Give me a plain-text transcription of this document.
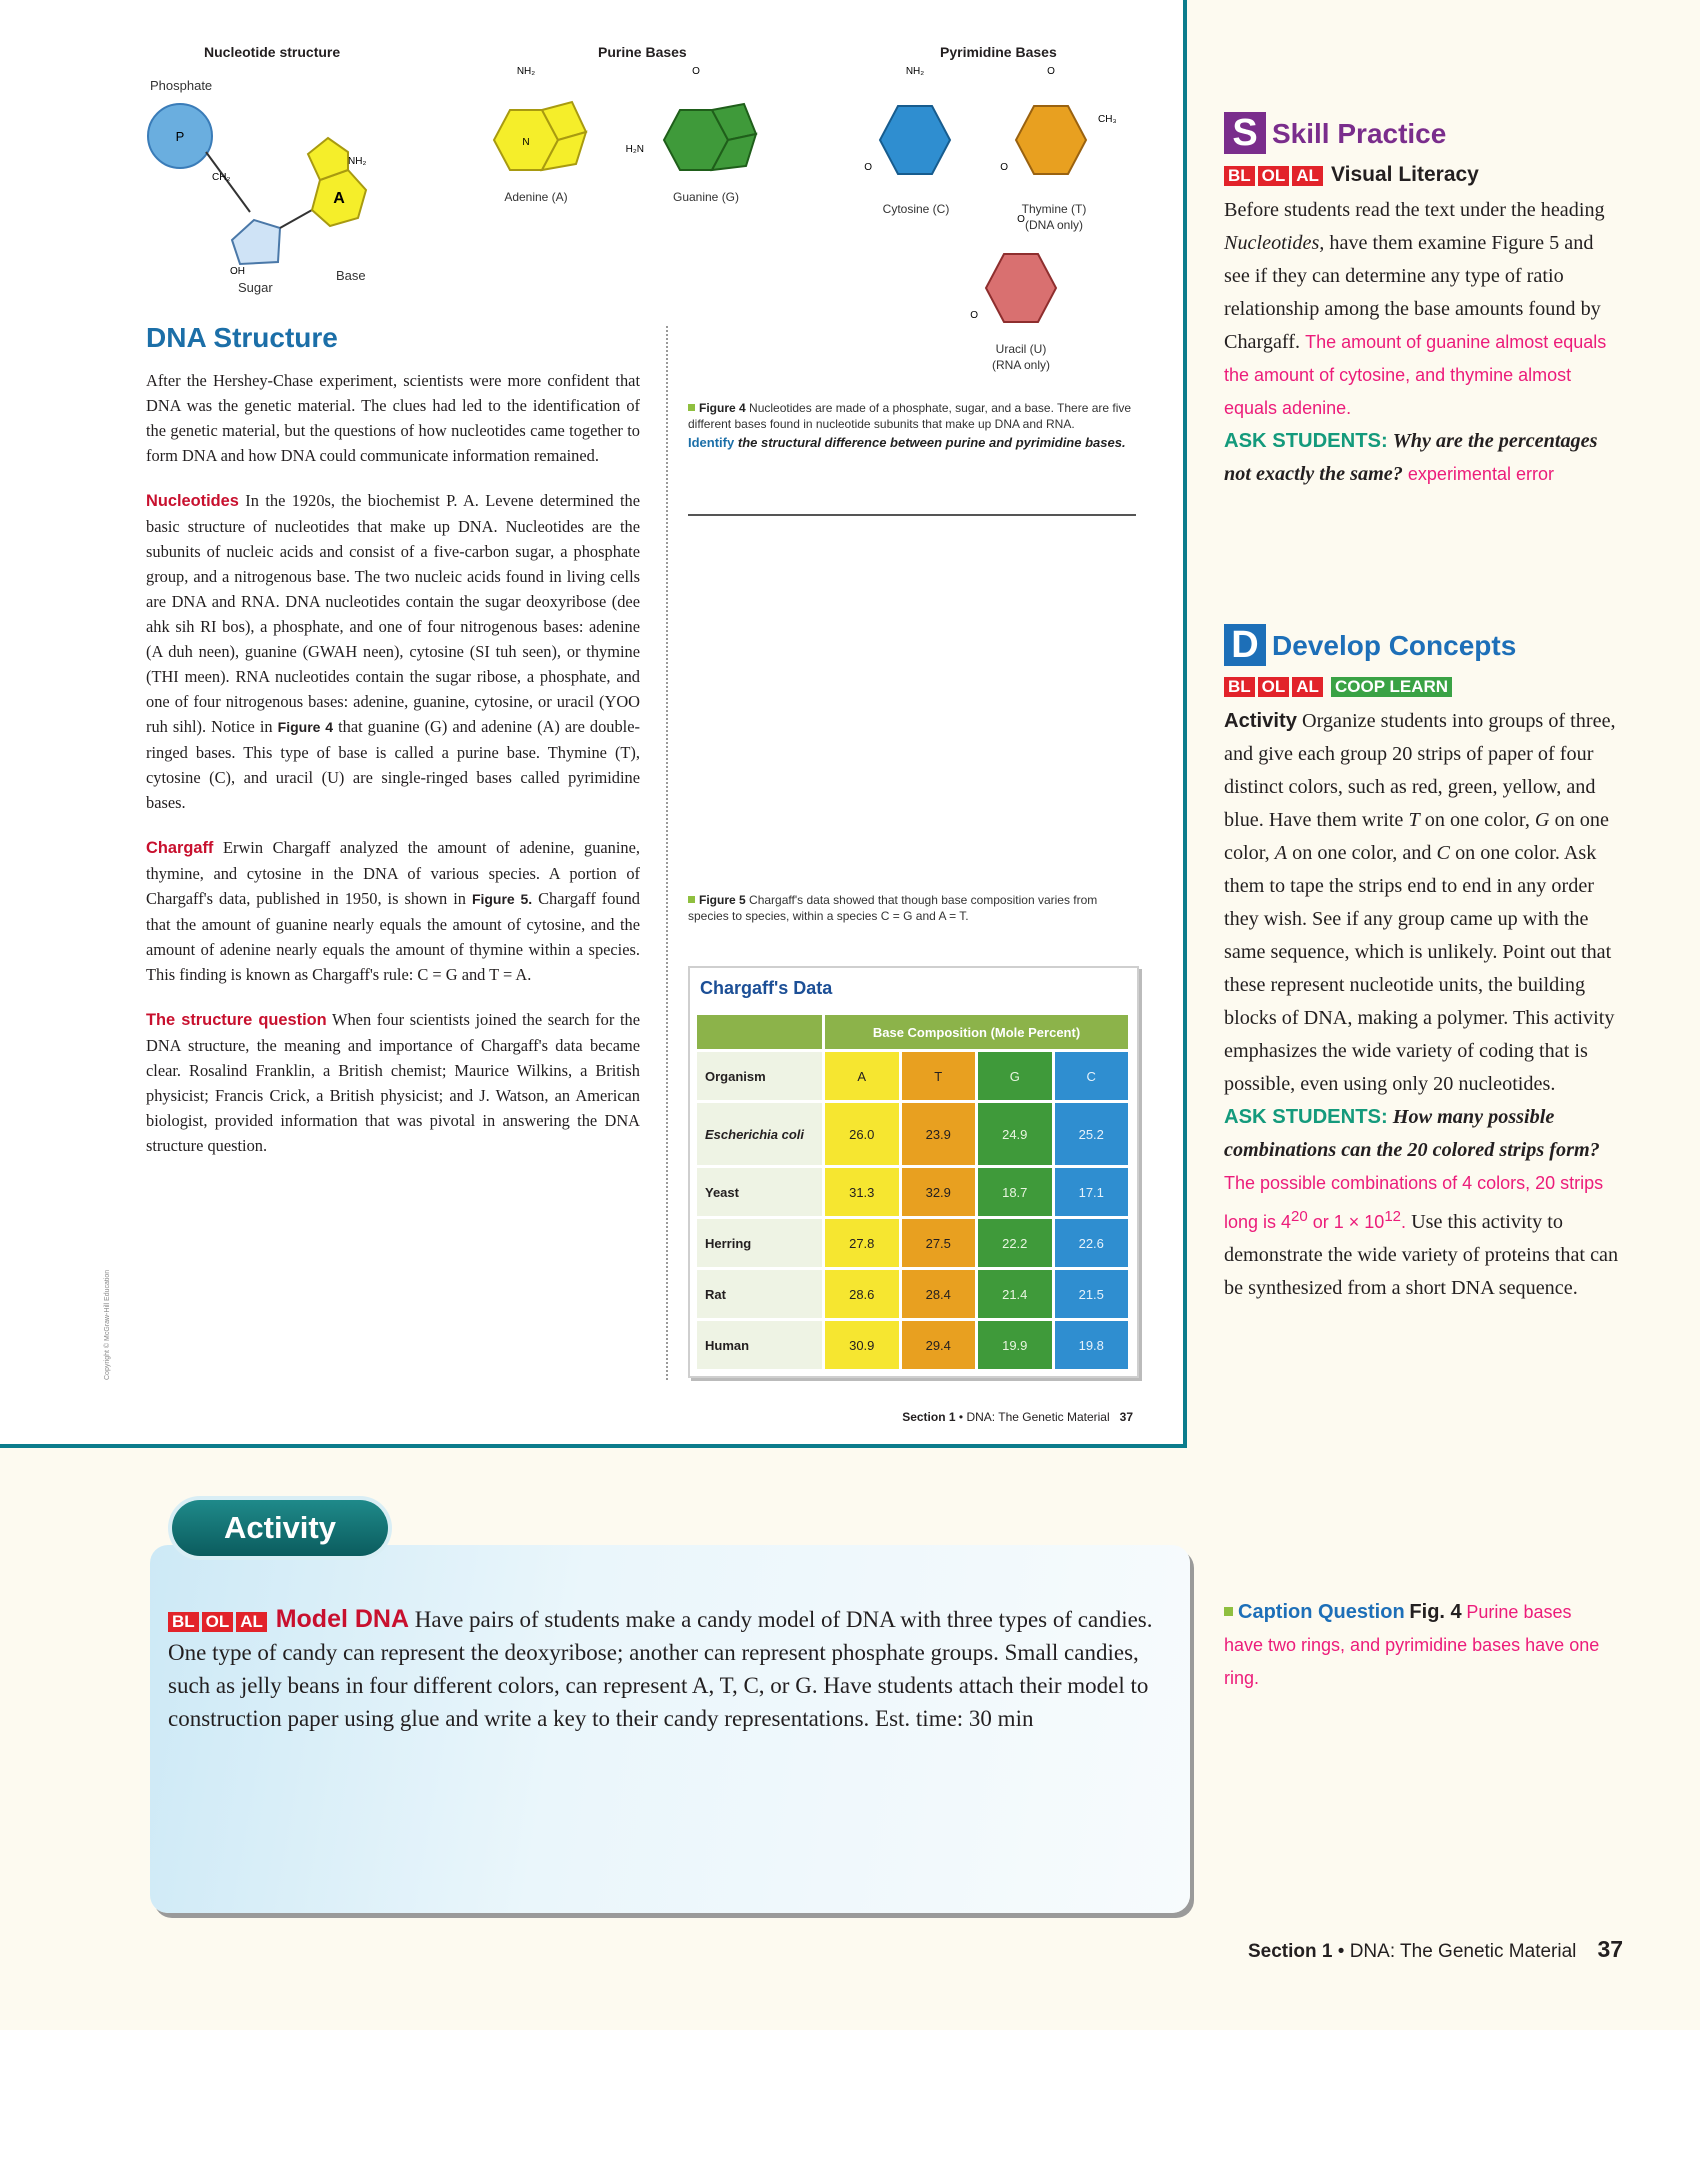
Nucleotide structure	Purine Bases	Pyrimidine Bases
Phosphate
Sugar
Base
P
A
NH₂
CH₂
OH
NH₂
N
O
H₂N
NH₂
O
O
CH₃
O
O
O
Adenine (A)	Guanine (G)
Cytosine (C)	Thymine (T)
(DNA only)
Uracil (U)
(RNA only)
DNA Structure

After the Hershey-Chase experiment, scientists were more confident that DNA was the genetic material. The clues had led to the identification of the genetic material, but the questions of how nucleotides came together to form DNA and how DNA could communicate information remained.

Nucleotides In the 1920s, the biochemist P. A. Levene determined the basic structure of nucleotides that make up DNA. Nucleotides are the subunits of nucleic acids and consist of a five-carbon sugar, a phosphate group, and a nitrogenous base. The two nucleic acids found in living cells are DNA and RNA. DNA nucleotides contain the sugar deoxyribose (dee ahk sih RI bos), a phosphate, and one of four nitrogenous bases: adenine (A duh neen), guanine (GWAH neen), cytosine (SI tuh seen), or thymine (THI meen). RNA nucleotides contain the sugar ribose, a phosphate, and one of four nitrogenous bases: adenine, guanine, cytosine, or uracil (YOO ruh sihl). Notice in Figure 4 that guanine (G) and adenine (A) are double-ringed bases. This type of base is called a purine base. Thymine (T), cytosine (C), and uracil (U) are single-ringed bases called pyrimidine bases.

Chargaff Erwin Chargaff analyzed the amount of adenine, guanine, thymine, and cytosine in the DNA of various species. A portion of Chargaff's data, published in 1950, is shown in Figure 5. Chargaff found that the amount of guanine nearly equals the amount of cytosine, and the amount of adenine nearly equals the amount of thymine within a species. This finding is known as Chargaff's rule: C = G and T = A.

The structure question When four scientists joined the search for the DNA structure, the meaning and importance of Chargaff's data became clear. Rosalind Franklin, a British chemist; Maurice Wilkins, a British physicist; Francis Crick, a British physicist; and J. Watson, an American biologist, provided information that was pivotal in answering the DNA structure question.

Copyright © McGraw-Hill Education
Figure 4 Nucleotides are made of a phosphate, sugar, and a base. There are five different bases found in nucleotide subunits that make up DNA and RNA.
Identify the structural difference between purine and pyrimidine bases.
Figure 5 Chargaff's data showed that though base composition varies from species to species, within a species C = G and A = T.
Chargaff's Data
	Base Composition (Mole Percent)			
Organism	A	T	G	C
Escherichia coli	26.0	23.9	24.9	25.2
Yeast	31.3	32.9	18.7	17.1
Herring	27.8	27.5	22.2	22.6
Rat	28.6	28.4	21.4	21.5
Human	30.9	29.4	19.9	19.8
Section 1 • DNA: The Genetic Material 37
S Skill Practice
BL OL AL Visual Literacy
Before students read the text under the heading Nucleotides, have them examine Figure 5 and see if they can determine any type of ratio relationship among the base amounts found by Chargaff. The amount of guanine almost equals the amount of cytosine, and thymine almost equals adenine.
ASK STUDENTS: Why are the percentages not exactly the same? experimental error
D Develop Concepts
BL OL AL COOP LEARN
Activity Organize students into groups of three, and give each group 20 strips of paper of four distinct colors, such as red, green, yellow, and blue. Have them write T on one color, G on one color, A on one color, and C on one color. Ask them to tape the strips end to end in any order they wish. See if any group came up with the same sequence, which is unlikely. Point out that these represent nucleotide units, the building blocks of DNA, making a polymer. This activity emphasizes the wide variety of coding that is possible, even using only 20 nucleotides.
ASK STUDENTS: How many possible combinations can the 20 colored strips form? The possible combinations of 4 colors, 20 strips long is $4^{20}$ or $1 \times 10^{12}$. Use this activity to demonstrate the wide variety of proteins that can be synthesized from a short DNA sequence.
Caption Question Fig. 4 Purine bases have two rings, and pyrimidine bases have one ring.
BL OL AL Model DNA Have pairs of students make a candy model of DNA with three types of candies. One type of candy can represent the deoxyribose; another can represent phosphate groups. Small candies, such as jelly beans in four different colors, can represent A, T, C, or G. Have students attach their model to construction paper using glue and write a key to their candy representations. Est. time: 30 min
Activity
Section 1 • DNA: The Genetic Material 37
